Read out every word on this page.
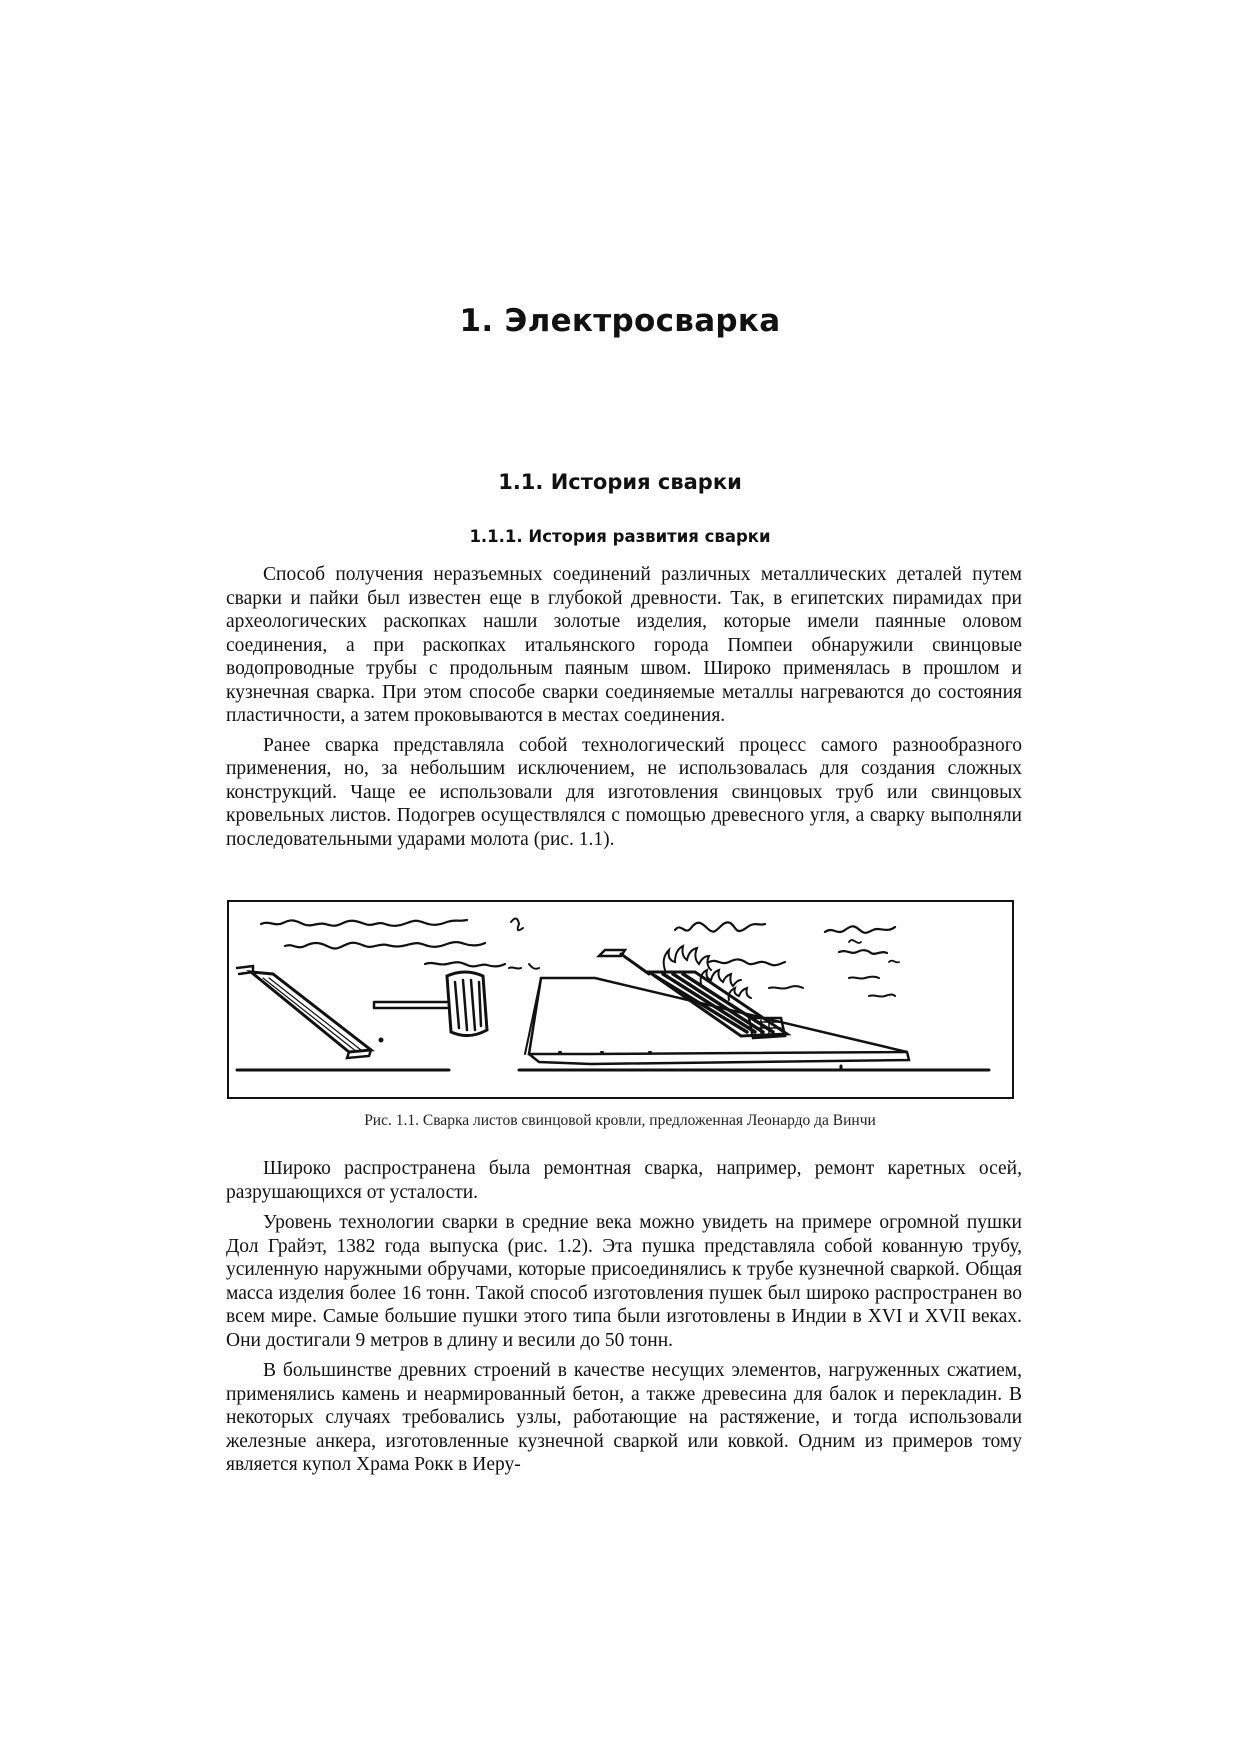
1. Электросварка
1.1. История сварки
1.1.1. История развития сварки

Способ получения неразъемных соединений различных металлических деталей путем сварки и пайки был известен еще в глубокой древности. Так, в египетских пирамидах при археологических раскопках нашли золотые изделия, которые имели паянные оловом соединения, а при раскопках итальянского города Помпеи обнаружили свинцовые водопроводные трубы с продольным паяным швом. Широко применялась в прошлом и кузнечная сварка. При этом способе сварки соединяемые металлы нагреваются до состояния пластичности, а затем проковываются в местах соединения.

Ранее сварка представляла собой технологический процесс самого разнообразного применения, но, за небольшим исключением, не использовалась для создания сложных конструкций. Чаще ее использовали для изготовления свинцовых труб или свинцовых кровельных листов. Подогрев осуществлялся с помощью древесного угля, а сварку выполняли последовательными ударами молота (рис. 1.1).

Рис. 1.1. Сварка листов свинцовой кровли, предложенная Леонардо да Винчи

Широко распространена была ремонтная сварка, например, ремонт каретных осей, разрушающихся от усталости.

Уровень технологии сварки в средние века можно увидеть на примере огромной пушки Дол Грайэт, 1382 года выпуска (рис. 1.2). Эта пушка представляла собой кованную трубу, усиленную наружными обручами, которые присоединялись к трубе кузнечной сваркой. Общая масса изделия более 16 тонн. Такой способ изготовления пушек был широко распространен во всем мире. Самые большие пушки этого типа были изготовлены в Индии в XVI и XVII веках. Они достигали 9 метров в длину и весили до 50 тонн.

В большинстве древних строений в качестве несущих элементов, нагруженных сжатием, применялись камень и неармированный бетон, а также древесина для балок и перекладин. В некоторых случаях требовались узлы, работающие на растяжение, и тогда использовали железные анкера, изготовленные кузнечной сваркой или ковкой. Одним из примеров тому является купол Храма Рокк в Иеру-
